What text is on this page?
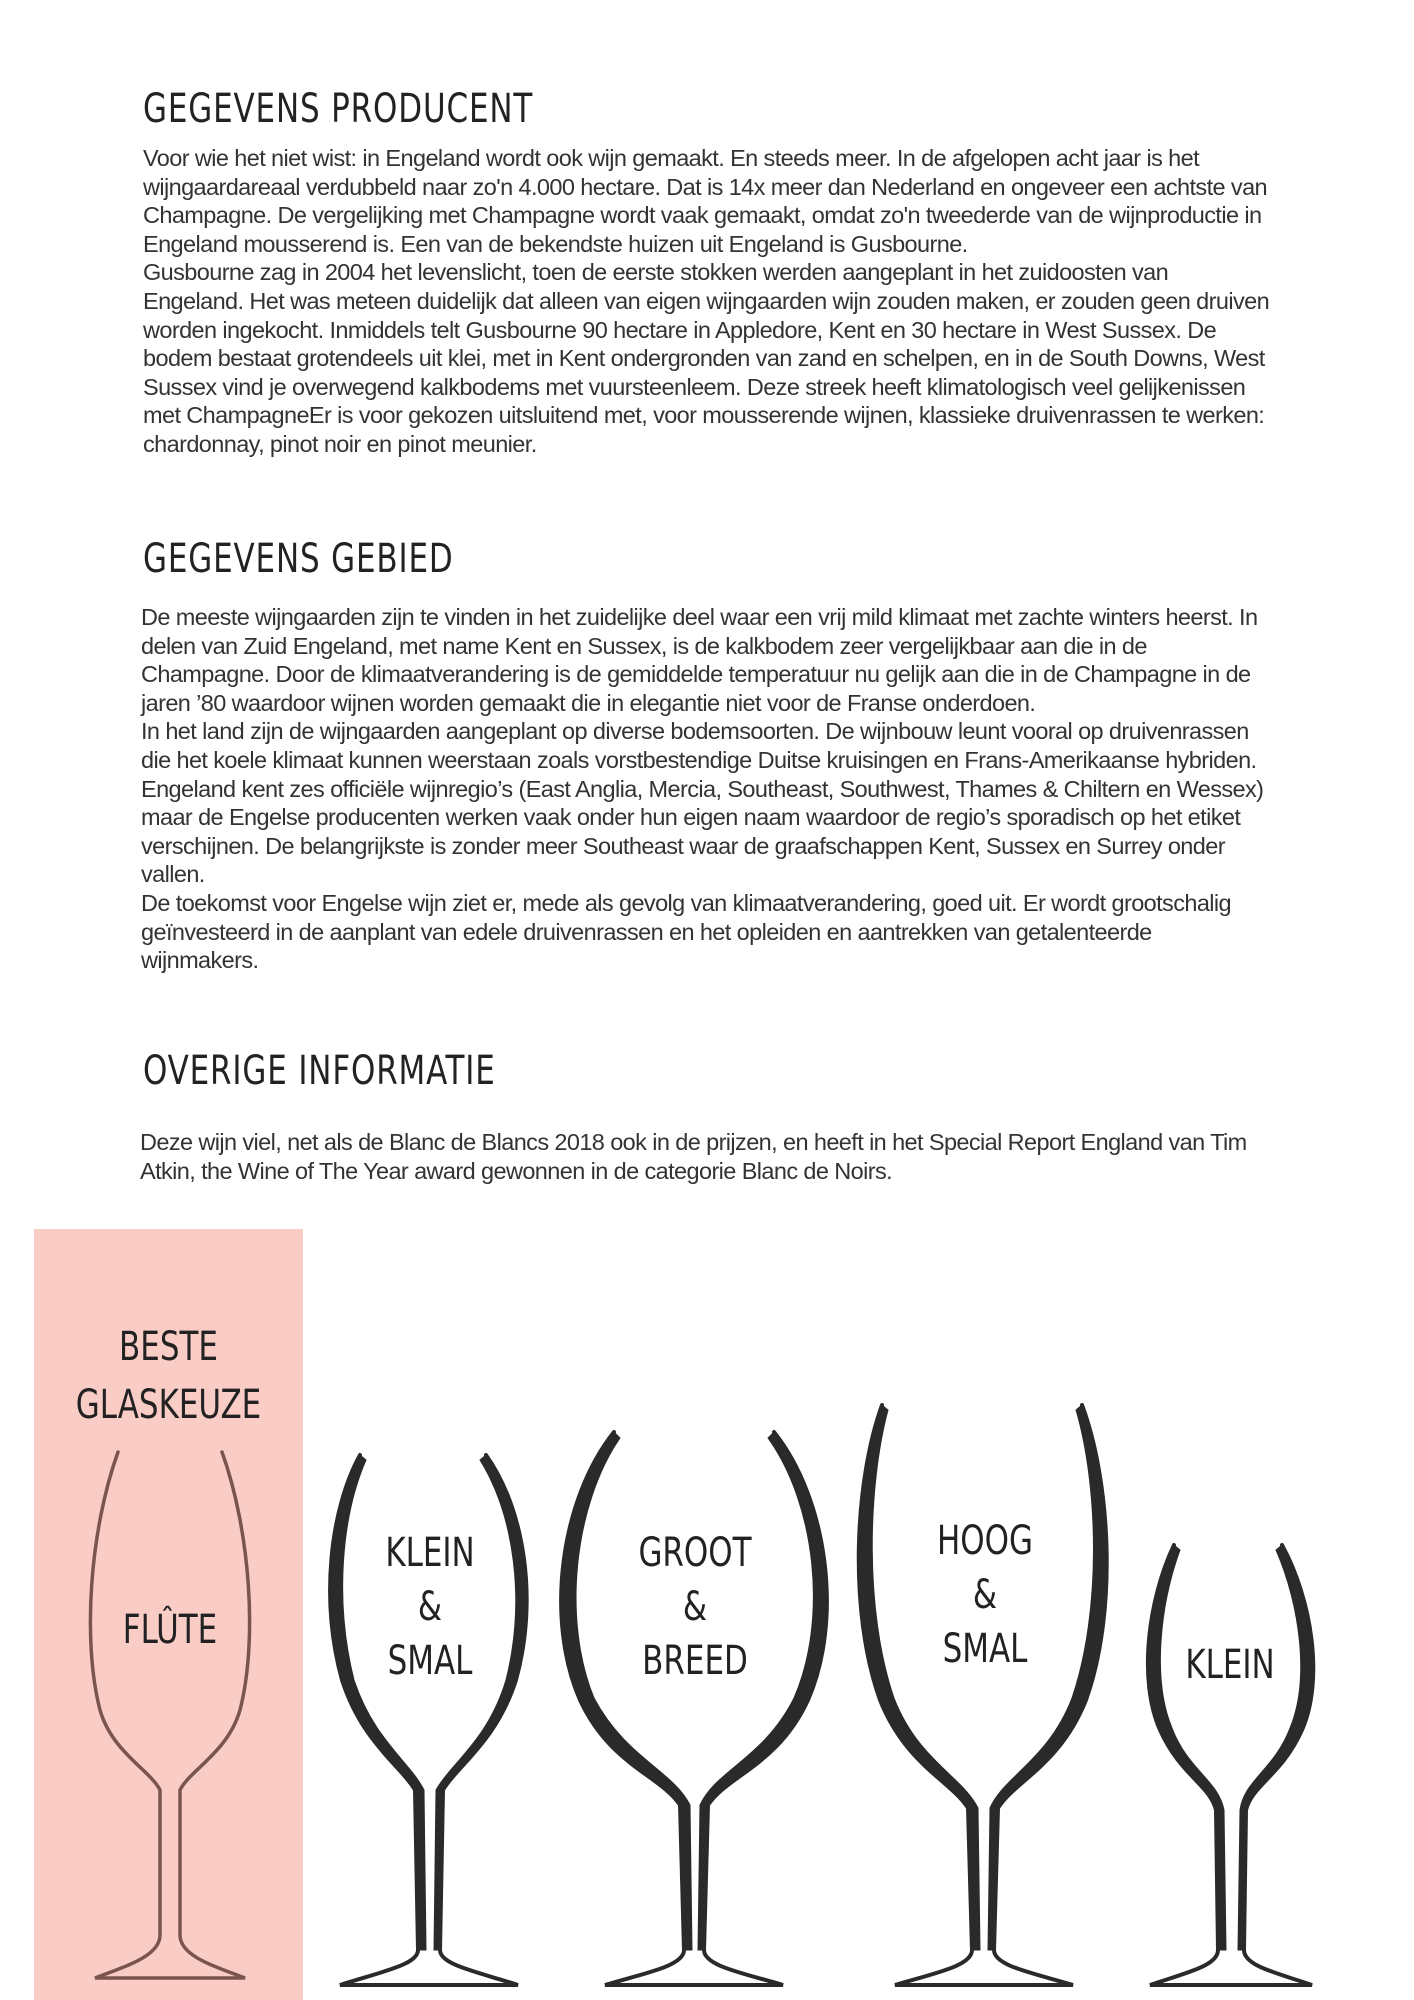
GEGEVENS PRODUCENT

Voor wie het niet wist: in Engeland wordt ook wijn gemaakt. En steeds meer. In de afgelopen acht jaar is het wijngaardareaal verdubbeld naar zo'n 4.000 hectare. Dat is 14x meer dan Nederland en ongeveer een achtste van Champagne. De vergelijking met Champagne wordt vaak gemaakt, omdat zo'n tweederde van de wijnproductie in Engeland mousserend is. Een van de bekendste huizen uit Engeland is Gusbourne.

Gusbourne zag in 2004 het levenslicht, toen de eerste stokken werden aangeplant in het zuidoosten van Engeland. Het was meteen duidelijk dat alleen van eigen wijngaarden wijn zouden maken, er zouden geen druiven worden ingekocht. Inmiddels telt Gusbourne 90 hectare in Appledore, Kent en 30 hectare in West Sussex. De bodem bestaat grotendeels uit klei, met in Kent ondergronden van zand en schelpen, en in de South Downs, West Sussex vind je overwegend kalkbodems met vuursteenleem. Deze streek heeft klimatologisch veel gelijkenissen met ChampagneEr is voor gekozen uitsluitend met, voor mousserende wijnen, klassieke druivenrassen te werken: chardonnay, pinot noir en pinot meunier.

GEGEVENS GEBIED

De meeste wijngaarden zijn te vinden in het zuidelijke deel waar een vrij mild klimaat met zachte winters heerst. In delen van Zuid Engeland, met name Kent en Sussex, is de kalkbodem zeer vergelijkbaar aan die in de Champagne. Door de klimaatverandering is de gemiddelde temperatuur nu gelijk aan die in de Champagne in de jaren ’80 waardoor wijnen worden gemaakt die in elegantie niet voor de Franse onderdoen.

In het land zijn de wijngaarden aangeplant op diverse bodemsoorten. De wijnbouw leunt vooral op druivenrassen die het koele klimaat kunnen weerstaan zoals vorstbestendige Duitse kruisingen en Frans-Amerikaanse hybriden. Engeland kent zes officiële wijnregio’s (East Anglia, Mercia, Southeast, Southwest, Thames & Chiltern en Wessex) maar de Engelse producenten werken vaak onder hun eigen naam waardoor de regio’s sporadisch op het etiket verschijnen. De belangrijkste is zonder meer Southeast waar de graafschappen Kent, Sussex en Surrey onder vallen.

De toekomst voor Engelse wijn ziet er, mede als gevolg van klimaatverandering, goed uit. Er wordt grootschalig geïnvesteerd in de aanplant van edele druivenrassen en het opleiden en aantrekken van getalenteerde wijnmakers.

OVERIGE INFORMATIE

Deze wijn viel, net als de Blanc de Blancs 2018 ook in de prijzen, en heeft in het Special Report England van Tim Atkin, the Wine of The Year award gewonnen in de categorie Blanc de Noirs.

BESTE
GLASKEUZE
FLÛTE
KLEIN
&
SMAL
GROOT
&
BREED
HOOG
&
SMAL	KLEIN
